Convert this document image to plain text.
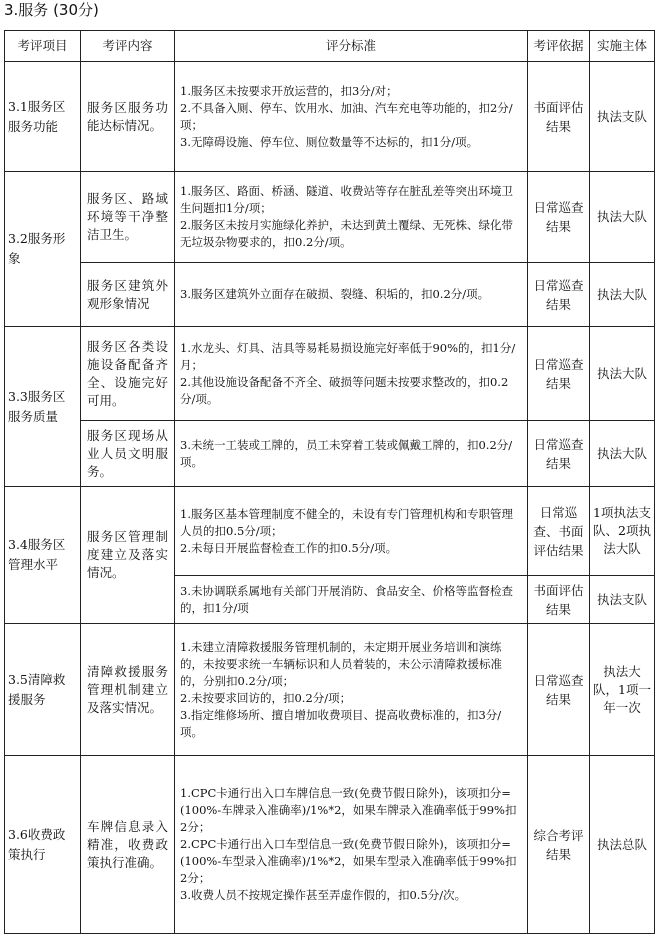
3.服务 (30分)
考评项目	考评内容	评分标准	考评依据	实施主体
3.1服务区服务功能	服务区服务功能达标情况。	1.服务区未按要求开放运营的，扣3分/对；
2.不具备入厕、停车、饮用水、加油、汽车充电等功能的，扣2分/项；
3.无障碍设施、停车位、厕位数量等不达标的，扣1分/项。	书面评估结果	执法支队
3.2服务形象	服务区、路域环境等干净整洁卫生。	1.服务区、路面、桥涵、隧道、收费站等存在脏乱差等突出环境卫生问题扣1分/项；
2.服务区未按月实施绿化养护，未达到黄土覆绿、无死株、绿化带无垃圾杂物要求的，扣0.2分/项。	日常巡查结果	执法大队
	服务区建筑外观形象情况	3.服务区建筑外立面存在破损、裂缝、积垢的，扣0.2分/项。	日常巡查结果	执法大队
3.3服务区服务质量	服务区各类设施设备配备齐全、设施完好可用。	1.水龙头、灯具、洁具等易耗易损设施完好率低于90%的，扣1分/月；
2.其他设施设备配备不齐全、破损等问题未按要求整改的，扣0.2分/项。	日常巡查结果	执法大队
	服务区现场从业人员文明服务。	3.未统一工装或工牌的，员工未穿着工装或佩戴工牌的，扣0.2分/项。	日常巡查结果	执法大队
3.4服务区管理水平	服务区管理制度建立及落实情况。	1.服务区基本管理制度不健全的，未设有专门管理机构和专职管理人员的扣0.5分/项；
2.未每日开展监督检查工作的扣0.5分/项。	日常巡查、书面评估结果	1项执法支队、2项执法大队

		3.未协调联系属地有关部门开展消防、食品安全、价格等监督检查的，扣1分/项	书面评估结果	执法支队
3.5清障救援服务	清障救援服务管理机制建立及落实情况。	1.未建立清障救援服务管理机制的，未定期开展业务培训和演练的，未按要求统一车辆标识和人员着装的，未公示清障救援标准的，分别扣0.2分/项；
2.未按要求回访的，扣0.2分/项；
3.指定维修场所、擅自增加收费项目、提高收费标准的，扣3分/项。	日常巡查结果	执法大队，1项一年一次
3.6收费政策执行	车牌信息录入精准，收费政策执行准确。	1.CPC卡通行出入口车牌信息一致(免费节假日除外)，该项扣分=(100%-车牌录入准确率)/1%*2，如果车牌录入准确率低于99%扣2分；
2.CPC卡通行出入口车型信息一致(免费节假日除外)，该项扣分=(100%-车型录入准确率)/1%*2，如果车型录入准确率低于99%扣2分；
3.收费人员不按规定操作甚至弄虚作假的，扣0.5分/次。	综合考评结果	执法总队
